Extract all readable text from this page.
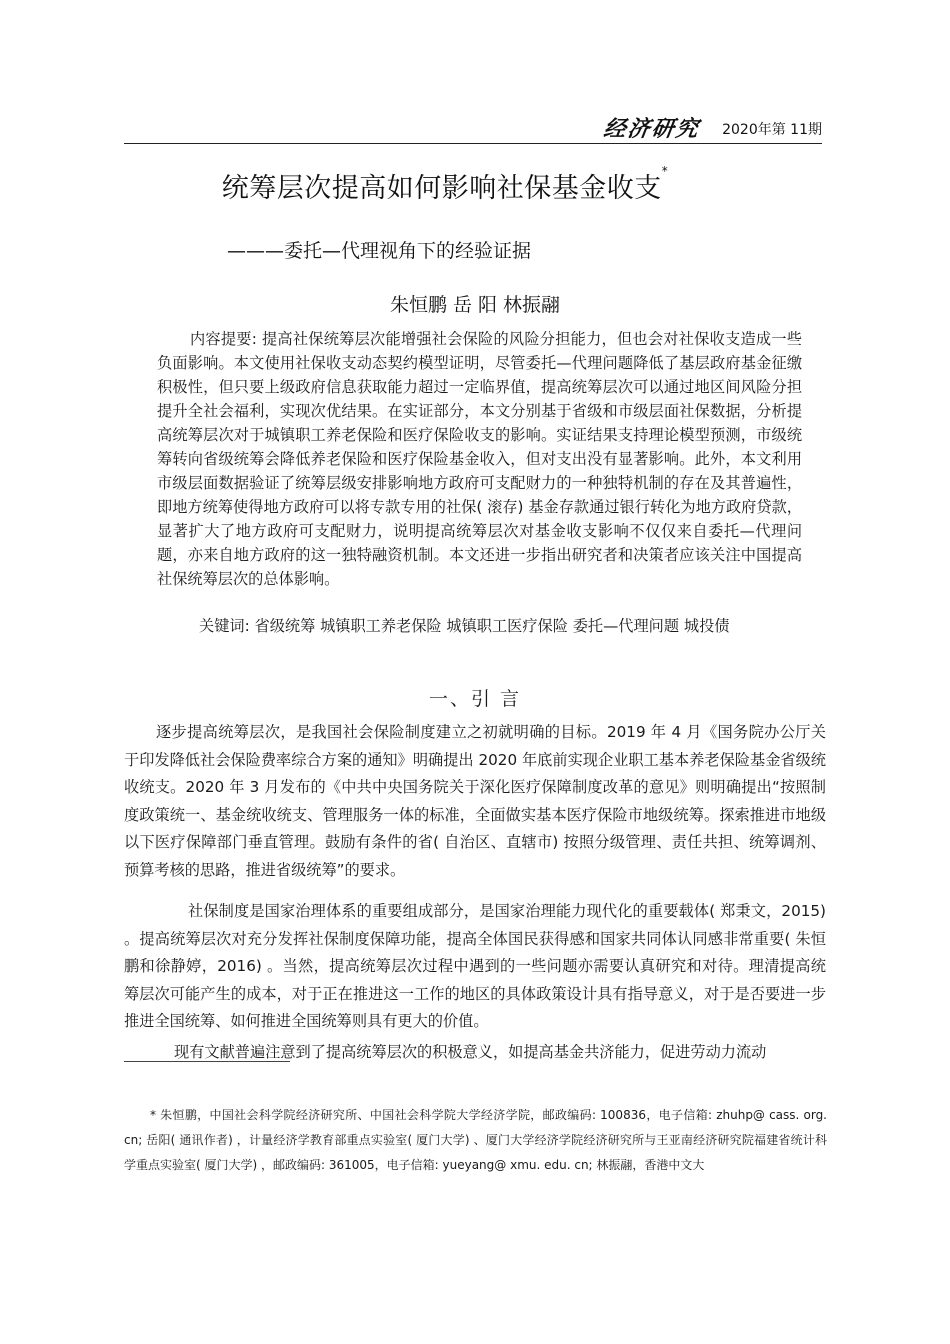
经济研究 2020年第 11期
统筹层次提高如何影响社保基金收支*
———委托—代理视角下的经验证据
朱恒鹏 岳 阳 林振翮

内容提要: 提高社保统筹层次能增强社会保险的风险分担能力，但也会对社保收支造成一些负面影响。本文使用社保收支动态契约模型证明，尽管委托—代理问题降低了基层政府基金征缴积极性，但只要上级政府信息获取能力超过一定临界值，提高统筹层次可以通过地区间风险分担提升全社会福利，实现次优结果。在实证部分，本文分别基于省级和市级层面社保数据，分析提高统筹层次对于城镇职工养老保险和医疗保险收支的影响。实证结果支持理论模型预测，市级统筹转向省级统筹会降低养老保险和医疗保险基金收入，但对支出没有显著影响。此外，本文利用市级层面数据验证了统筹层级安排影响地方政府可支配财力的一种独特机制的存在及其普遍性，即地方统筹使得地方政府可以将专款专用的社保( 滚存) 基金存款通过银行转化为地方政府贷款，显著扩大了地方政府可支配财力，说明提高统筹层次对基金收支影响不仅仅来自委托—代理问题，亦来自地方政府的这一独特融资机制。本文还进一步指出研究者和决策者应该关注中国提高社保统筹层次的总体影响。

关键词: 省级统筹 城镇职工养老保险 城镇职工医疗保险 委托—代理问题 城投债
一、引 言

逐步提高统筹层次，是我国社会保险制度建立之初就明确的目标。2019 年 4 月《国务院办公厅关于印发降低社会保险费率综合方案的通知》明确提出 2020 年底前实现企业职工基本养老保险基金省级统收统支。2020 年 3 月发布的《中共中央国务院关于深化医疗保障制度改革的意见》则明确提出“按照制度政策统一、基金统收统支、管理服务一体的标准，全面做实基本医疗保险市地级统筹。探索推进市地级以下医疗保障部门垂直管理。鼓励有条件的省( 自治区、直辖市) 按照分级管理、责任共担、统筹调剂、预算考核的思路，推进省级统筹”的要求。

社保制度是国家治理体系的重要组成部分，是国家治理能力现代化的重要载体( 郑秉文，2015) 。提高统筹层次对充分发挥社保制度保障功能，提高全体国民获得感和国家共同体认同感非常重要( 朱恒鹏和徐静婷，2016) 。当然，提高统筹层次过程中遇到的一些问题亦需要认真研究和对待。理清提高统筹层次可能产生的成本，对于正在推进这一工作的地区的具体政策设计具有指导意义，对于是否要进一步推进全国统筹、如何推进全国统筹则具有更大的价值。

现有文献普遍注意到了提高统筹层次的积极意义，如提高基金共济能力，促进劳动力流动

* 朱恒鹏，中国社会科学院经济研究所、中国社会科学院大学经济学院，邮政编码: 100836，电子信箱: zhuhp@ cass. org. cn; 岳阳( 通讯作者) ，计量经济学教育部重点实验室( 厦门大学) 、厦门大学经济学院经济研究所与王亚南经济研究院福建省统计科学重点实验室( 厦门大学) ，邮政编码: 361005，电子信箱: yueyang@ xmu. edu. cn; 林振翮，香港中文大
